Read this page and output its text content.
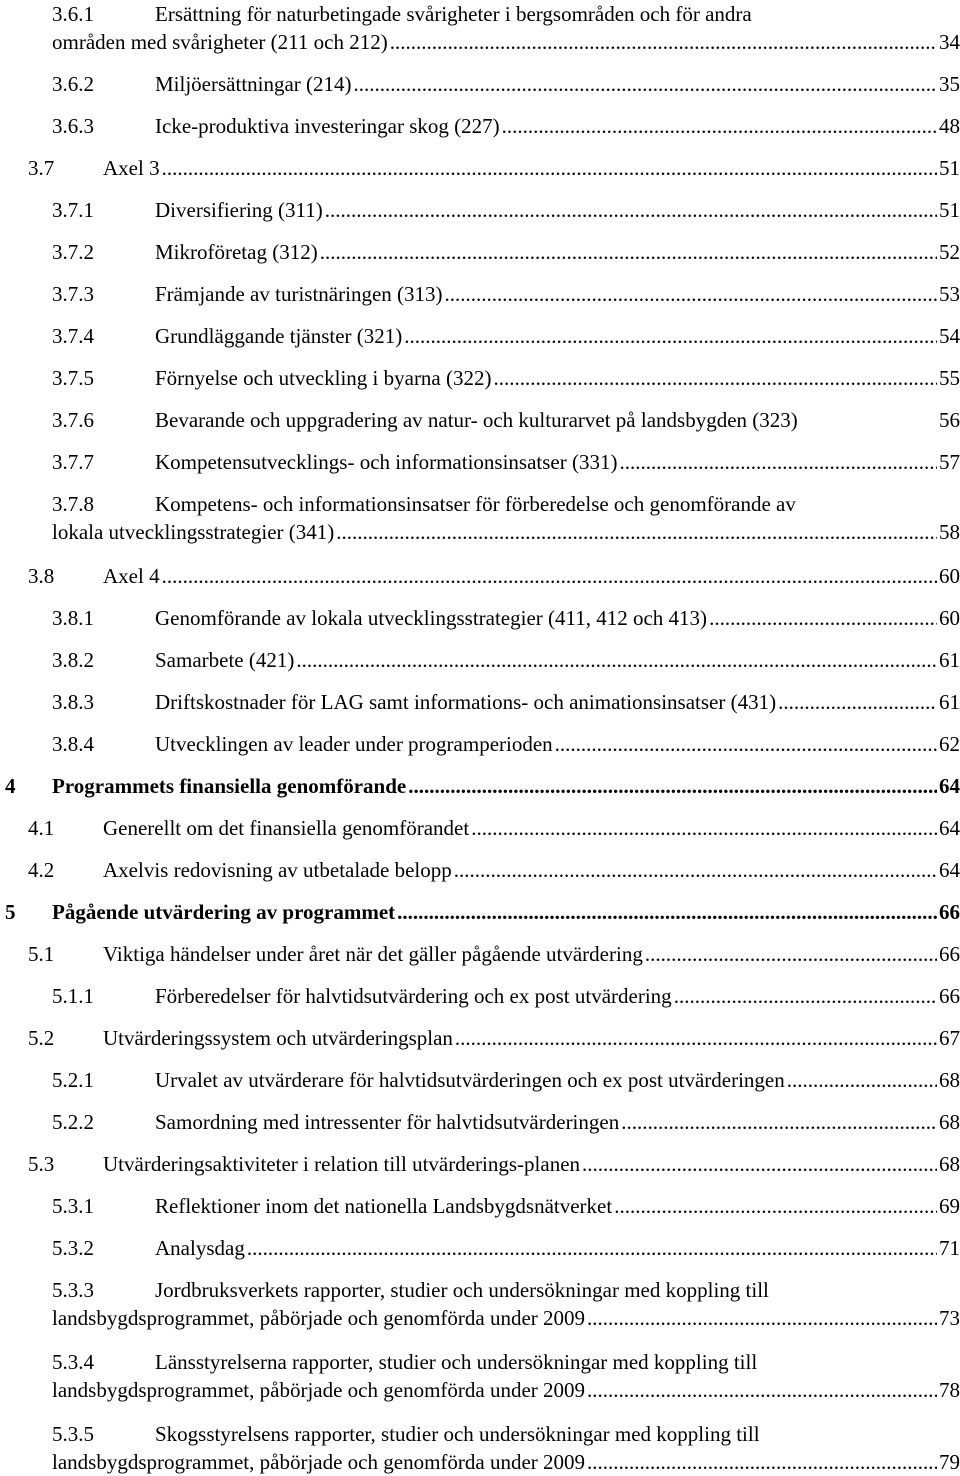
3.6.1	Ersättning för naturbetingade svårigheter i bergsområden och för andra
områden med svårigheter (211 och 212)	34
.....
3.6.2	Miljöersättningar (214)	35
.....
3.6.3	Icke-produktiva investeringar skog (227)	48
.....
3.7 Axel 3	51
.....
3.7.1	Diversifiering (311)	51
.....
3.7.2	Mikroföretag (312)	52
.....
3.7.3	Främjande av turistnäringen (313)	53
.....
3.7.4	Grundläggande tjänster (321)	54
.....
3.7.5	Förnyelse och utveckling i byarna (322)	55
.....
3.7.6	Bevarande och uppgradering av natur- och kulturarvet på landsbygden (323)	56
3.7.7	Kompetensutvecklings- och informationsinsatser (331)	57
.....
3.7.8	Kompetens- och informationsinsatser för förberedelse och genomförande av
lokala utvecklingsstrategier (341)	58
.....
3.8 Axel 4	60
.....
3.8.1	Genomförande av lokala utvecklingsstrategier (411, 412 och 413)	60
.....
3.8.2	Samarbete (421)	61
.....
3.8.3	Driftskostnader för LAG samt informations- och animationsinsatser (431)	61
.....
3.8.4	Utvecklingen av leader under programperioden	62
.....
4 Programmets finansiella genomförande	64
.....
4.1 Generellt om det finansiella genomförandet	64
.....
4.2 Axelvis redovisning av utbetalade belopp	64
.....
5 Pågående utvärdering av programmet	66
.....
5.1 Viktiga händelser under året när det gäller pågående utvärdering	66
.....
5.1.1	Förberedelser för halvtidsutvärdering och ex post utvärdering	66
.....
5.2 Utvärderingssystem och utvärderingsplan	67
.....
5.2.1	Urvalet av utvärderare för halvtidsutvärderingen och ex post utvärderingen	68
.....
5.2.2	Samordning med intressenter för halvtidsutvärderingen	68
.....
5.3 Utvärderingsaktiviteter i relation till utvärderings-planen	68
.....
5.3.1	Reflektioner inom det nationella Landsbygdsnätverket	69
.....
5.3.2	Analysdag	71
.....
5.3.3	Jordbruksverkets rapporter, studier och undersökningar med koppling till
landsbygdsprogrammet, påbörjade och genomförda under 2009	73
.....
5.3.4	Länsstyrelserna rapporter, studier och undersökningar med koppling till
landsbygdsprogrammet, påbörjade och genomförda under 2009	78
.....
5.3.5	Skogsstyrelsens rapporter, studier och undersökningar med koppling till
landsbygdsprogrammet, påbörjade och genomförda under 2009	79
.....
